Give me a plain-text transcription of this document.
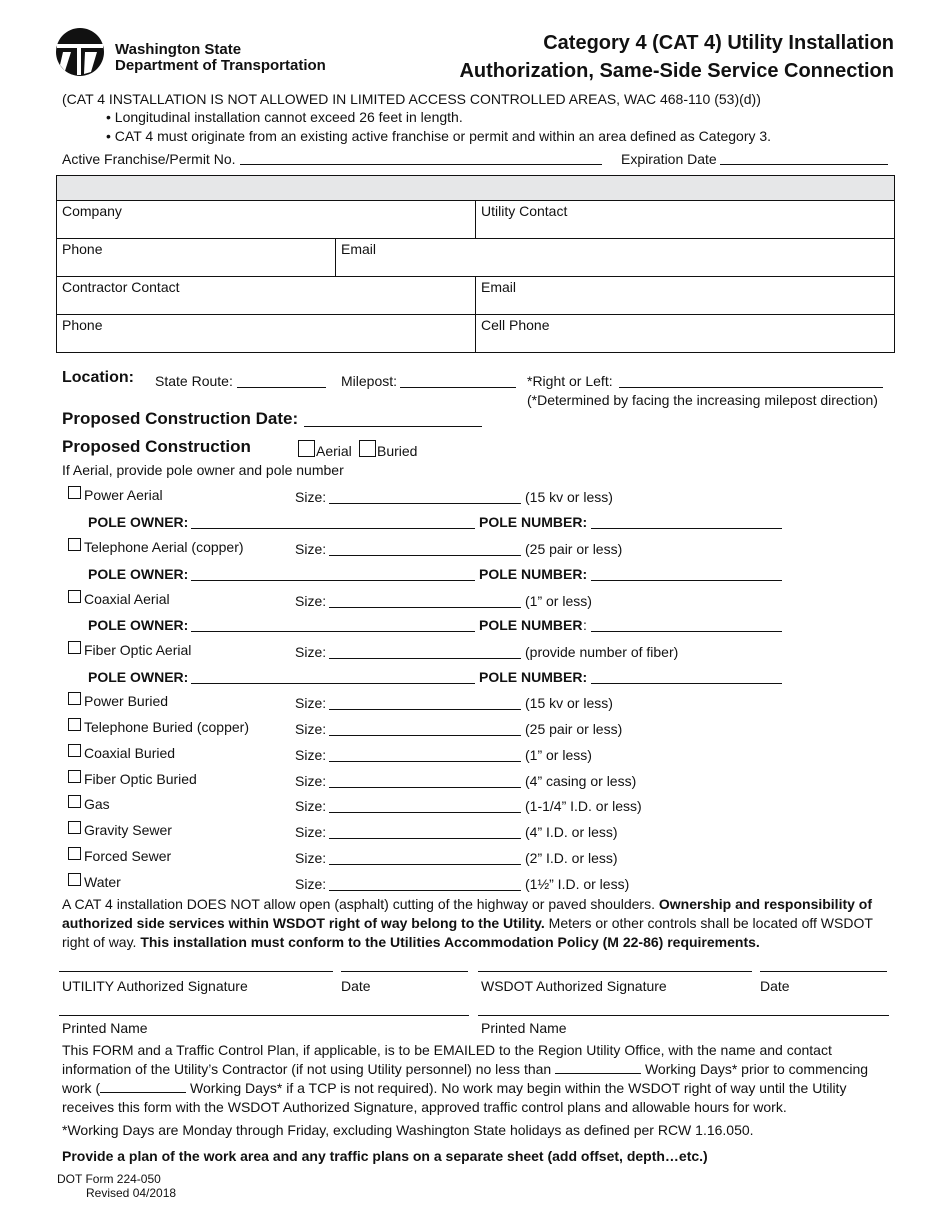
Washington State
Department of Transportation
Category 4 (CAT 4) Utility Installation
Authorization, Same-Side Service Connection
(CAT 4 INSTALLATION IS NOT ALLOWED IN LIMITED ACCESS CONTROLLED AREAS, WAC 468-110 (53)(d))
• Longitudinal installation cannot exceed 26 feet in length.
• CAT 4 must originate from an existing active franchise or permit and within an area defined as Category 3.
Active Franchise/Permit No.	Expiration Date
Company	Utility Contact
Phone	Email
Contractor Contact	Email
Phone	Cell Phone
Location: State Route:	Milepost:	*Right or Left:
(*Determined by facing the increasing milepost direction)
Proposed Construction Date:
Proposed Construction	Aerial Buried
If Aerial, provide pole owner and pole number
Power Aerial	Size:	(15 kv or less)
POLE OWNER:	POLE NUMBER:
Telephone Aerial (copper)	Size:	(25 pair or less)
POLE OWNER:	POLE NUMBER:
Coaxial Aerial	Size:	(1” or less)
POLE OWNER:	POLE NUMBER :
Fiber Optic Aerial	Size:	(provide number of fiber)
POLE OWNER:	POLE NUMBER:
Power Buried	Size:	(15 kv or less)
Telephone Buried (copper)	Size:	(25 pair or less)
Coaxial Buried	Size:	(1” or less)
Fiber Optic Buried	Size:	(4” casing or less)
Gas	Size:	(1-1/4” I.D. or less)
Gravity Sewer	Size:	(4” I.D. or less)
Forced Sewer	Size:	(2” I.D. or less)
Water	Size:	(1½” I.D. or less)

A CAT 4 installation DOES NOT allow open (asphalt) cutting of the highway or paved shoulders. Ownership and responsibility of authorized side services within WSDOT right of way belong to the Utility. Meters or other controls shall be located off WSDOT right of way. This installation must conform to the Utilities Accommodation Policy (M 22-86) requirements.

UTILITY Authorized Signature	Date	WSDOT Authorized Signature	Date
Printed Name	Printed Name

This FORM and a Traffic Control Plan, if applicable, is to be EMAILED to the Region Utility Office, with the name and contact information of the Utility’s Contractor (if not using Utility personnel) no less than	Working Days* prior to commencing work (	Working Days* if a TCP is not required). No work may begin within the WSDOT right of way until the Utility receives this form with the WSDOT Authorized Signature, approved traffic control plans and allowable hours for work.

*Working Days are Monday through Friday, excluding Washington State holidays as defined per RCW 1.16.050.
Provide a plan of the work area and any traffic plans on a separate sheet (add offset, depth…etc.)
DOT Form 224-050
Revised 04/2018
